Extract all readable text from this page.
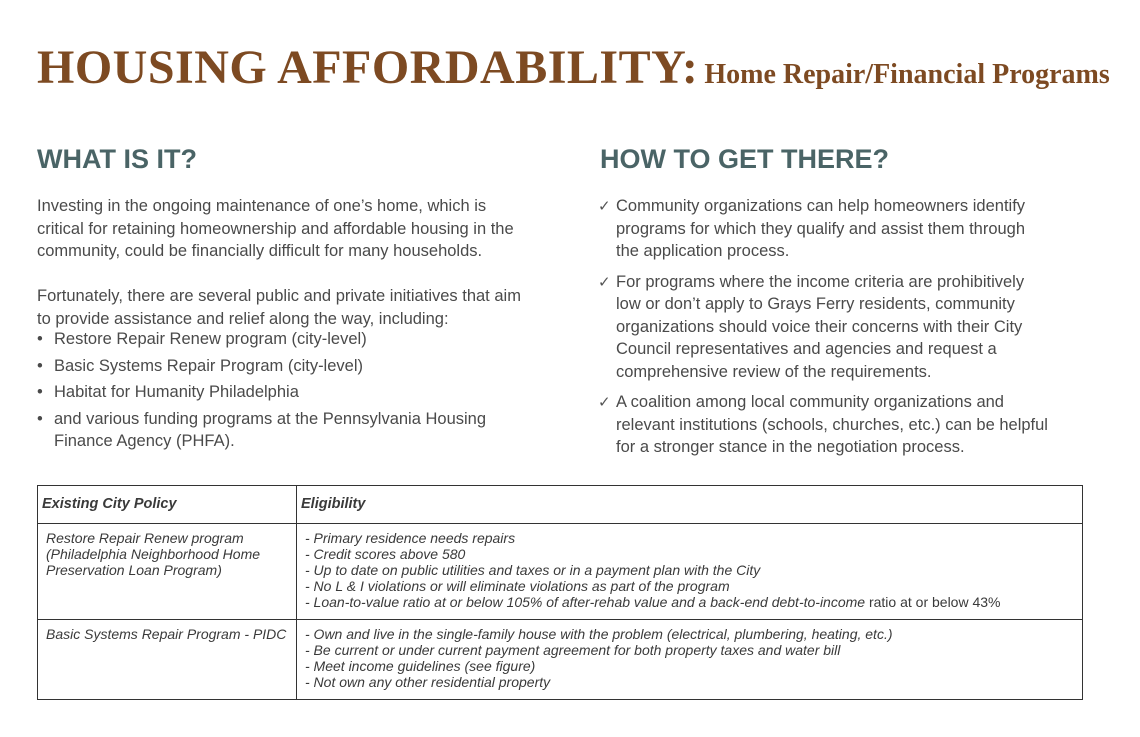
HOUSING AFFORDABILITY: Home Repair/Financial Programs
WHAT IS IT?

Investing in the ongoing maintenance of one’s home, which is critical for retaining homeownership and affordable housing in the community, could be financially difficult for many households.

Fortunately, there are several public and private initiatives that aim to provide assistance and relief along the way, including:

• Restore Repair Renew program (city-level)
• Basic Systems Repair Program (city-level)
• Habitat for Humanity Philadelphia
• and various funding programs at the Pennsylvania Housing Finance Agency (PHFA).
HOW TO GET THERE?
✓ Community organizations can help homeowners identify programs for which they qualify and assist them through the application process.
✓ For programs where the income criteria are prohibitively low or don’t apply to Grays Ferry residents, community organizations should voice their concerns with their City Council representatives and agencies and request a comprehensive review of the requirements.
✓ A coalition among local community organizations and relevant institutions (schools, churches, etc.) can be helpful for a stronger stance in the negotiation process.
Existing City Policy	Eligibility
Restore Repair Renew program (Philadelphia Neighborhood Home Preservation Loan Program)	- Primary residence needs repairs
- Credit scores above 580
- Up to date on public utilities and taxes or in a payment plan with the City
- No L & I violations or will eliminate violations as part of the program
- Loan-to-value ratio at or below 105% of after-rehab value and a back-end debt-to-income ratio at or below 43%

Basic Systems Repair Program - PIDC	- Own and live in the single-family house with the problem (electrical, plumbering, heating, etc.)
- Be current or under current payment agreement for both property taxes and water bill
- Meet income guidelines (see figure)
- Not own any other residential property
